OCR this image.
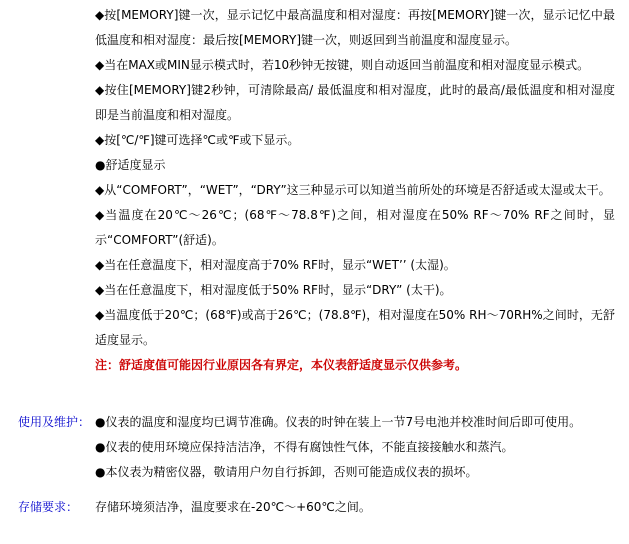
◆按[MEMORY]键一次，显示记忆中最高温度和相对湿度：再按[MEMORY]键一次，显示记忆中最低温度和相对湿度：最后按[MEMORY]键一次，则返回到当前温度和湿度显示。

◆当在MAX或MIN显示模式时，若10秒钟无按键，则自动返回当前温度和相对湿度显示模式。

◆按住[MEMORY]键2秒钟，可清除最高/ 最低温度和相对湿度，此时的最高/最低温度和相对湿度即是当前温度和相对湿度。

◆按[℃/℉]键可选择℃或℉或下显示。

●舒适度显示

◆从“COMFORT”，“WET”，“DRY”这三种显示可以知道当前所处的环境是否舒适或太湿或太干。

◆当温度在20℃～26℃；(68℉～78.8℉)之间，相对湿度在50% RF～70% RF之间时，显示“COMFORT”(舒适)。

◆当在任意温度下，相对湿度高于70% RF时，显示“WET’’ (太湿)。

◆当在任意温度下，相对湿度低于50% RF时，显示“DRY” (太干)。

◆当温度低于20℃；(68℉)或高于26℃；(78.8℉)，相对湿度在50% RH～70RH%之间时，无舒适度显示。

注：舒适度值可能因行业原因各有界定，本仪表舒适度显示仅供参考。

使用及维护： ●仪表的温度和湿度均已调节准确。仪表的时钟在装上一节7号电池并校准时间后即可使用。

●仪表的使用环境应保持洁洁净，不得有腐蚀性气体，不能直接接触水和蒸汽。

●本仪表为精密仪器，敬请用户勿自行拆卸，否则可能造成仪表的损坏。

存储要求： 存储环境须洁净，温度要求在-20℃～+60℃之间。
